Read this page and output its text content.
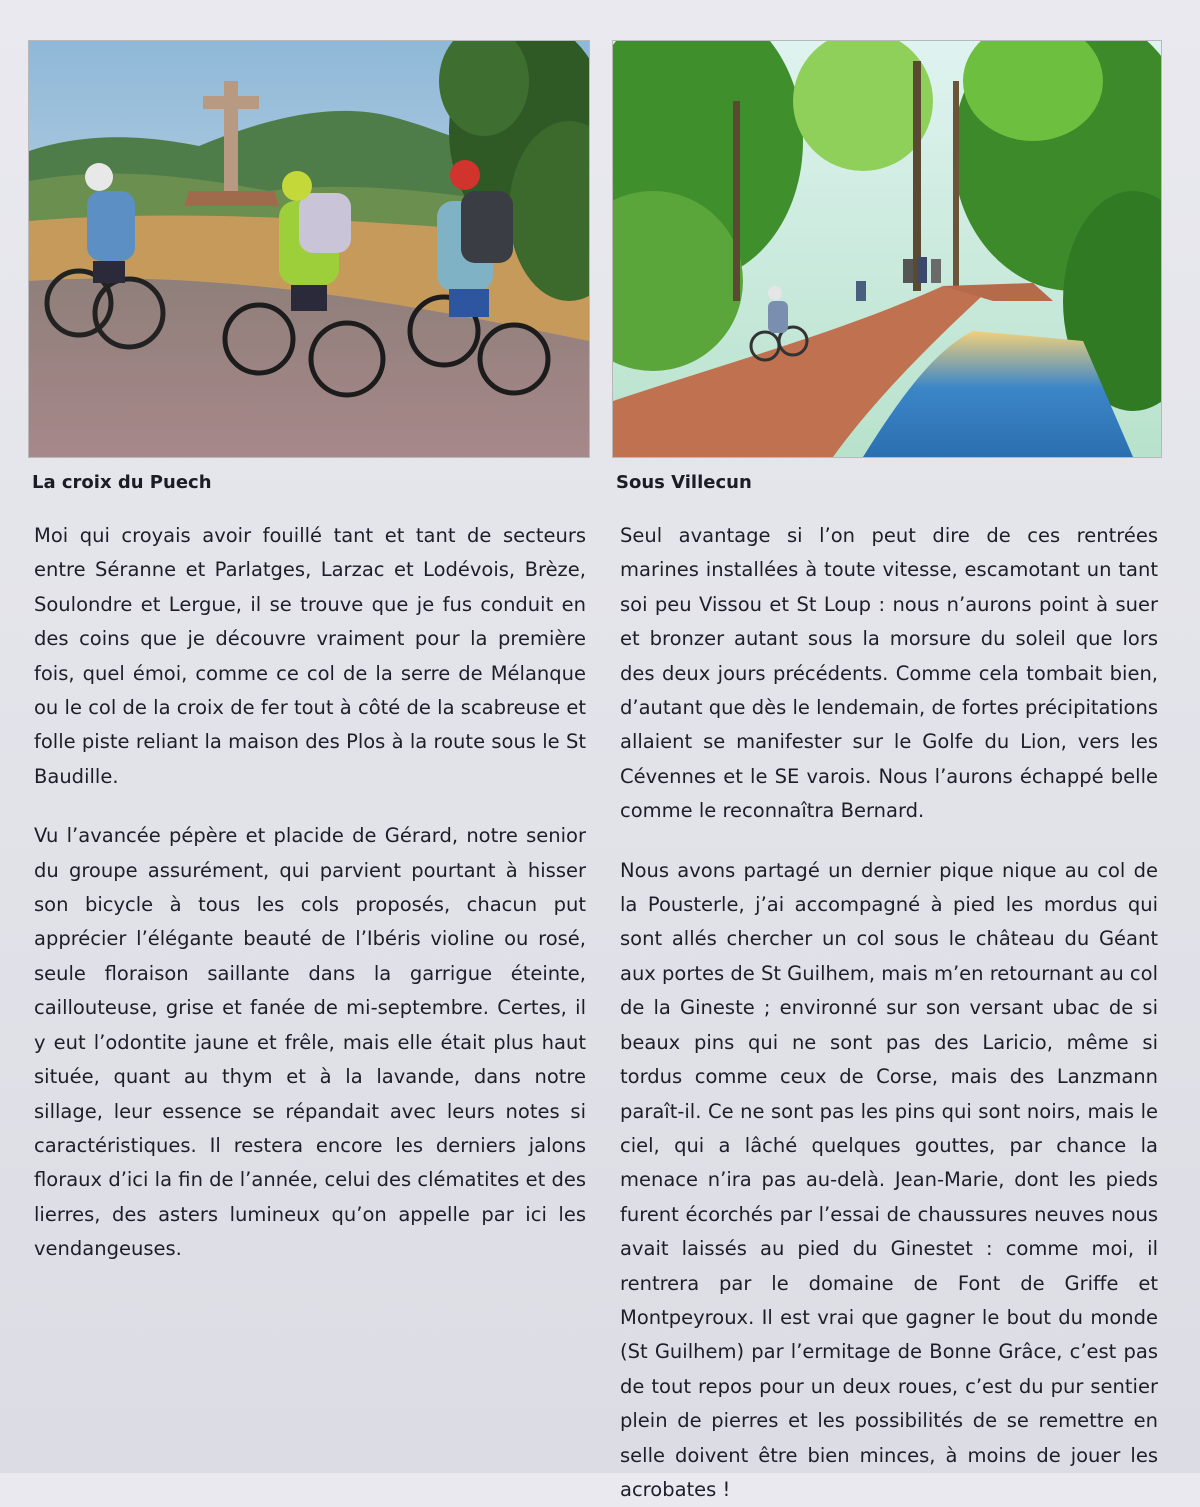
La croix du Puech

Moi qui croyais avoir fouillé tant et tant de secteurs entre Séranne et Parlatges, Larzac et Lodévois, Brèze, Soulondre et Lergue, il se trouve que je fus conduit en des coins que je découvre vraiment pour la première fois, quel émoi, comme ce col de la serre de Mélanque ou le col de la croix de fer tout à côté de la scabreuse et folle piste reliant la maison des Plos à la route sous le St Baudille.

Vu l’avancée pépère et placide de Gérard, notre senior du groupe assurément, qui parvient pourtant à hisser son bicycle à tous les cols proposés, chacun put apprécier l’élégante beauté de l’Ibéris violine ou rosé, seule floraison saillante dans la garrigue éteinte, caillouteuse, grise et fanée de mi-septembre. Certes, il y eut l’odontite jaune et frêle, mais elle était plus haut située, quant au thym et à la lavande, dans notre sillage, leur essence se répandait avec leurs notes si caractéristiques. Il restera encore les derniers jalons floraux d’ici la fin de l’année, celui des clématites et des lierres, des asters lumineux qu’on appelle par ici les vendangeuses.

Sous Villecun

Seul avantage si l’on peut dire de ces rentrées marines installées à toute vitesse, escamotant un tant soi peu Vissou et St Loup : nous n’aurons point à suer et bronzer autant sous la morsure du soleil que lors des deux jours précédents. Comme cela tombait bien, d’autant que dès le lendemain, de fortes précipitations allaient se manifester sur le Golfe du Lion, vers les Cévennes et le SE varois. Nous l’aurons échappé belle comme le reconnaîtra Bernard.

Nous avons partagé un dernier pique nique au col de la Pousterle, j’ai accompagné à pied les mordus qui sont allés chercher un col sous le château du Géant aux portes de St Guilhem, mais m’en retournant au col de la Gineste ; environné sur son versant ubac de si beaux pins qui ne sont pas des Laricio, même si tordus comme ceux de Corse, mais des Lanzmann paraît-il. Ce ne sont pas les pins qui sont noirs, mais le ciel, qui a lâché quelques gouttes, par chance la menace n’ira pas au-delà. Jean-Marie, dont les pieds furent écorchés par l’essai de chaussures neuves nous avait laissés au pied du Ginestet : comme moi, il rentrera par le domaine de Font de Griffe et Montpeyroux. Il est vrai que gagner le bout du monde (St Guilhem) par l’ermitage de Bonne Grâce, c’est pas de tout repos pour un deux roues, c’est du pur sentier plein de pierres et les possibilités de se remettre en selle doivent être bien minces, à moins de jouer les acrobates !
